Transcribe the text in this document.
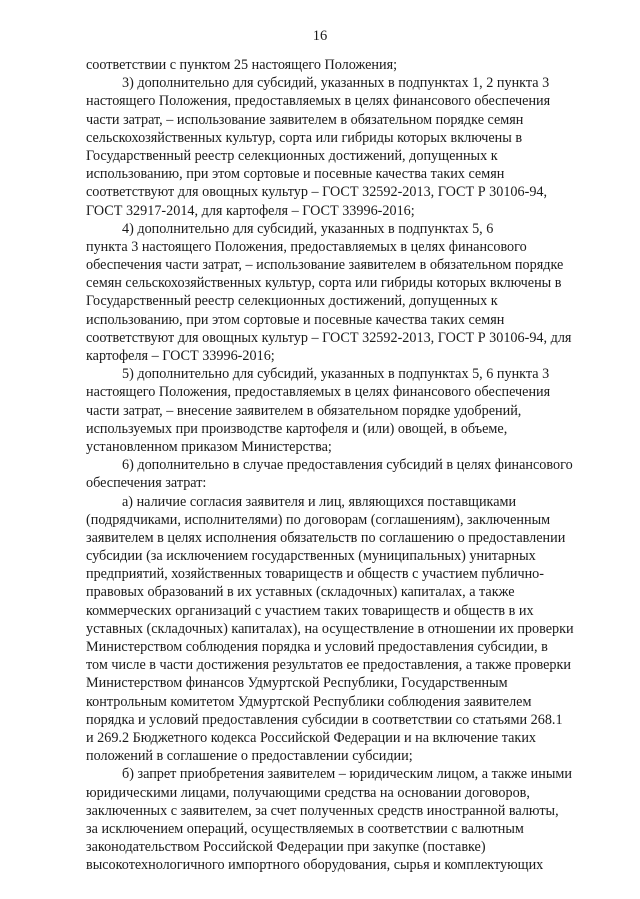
16
соответствии с пунктом 25 настоящего Положения;
3) дополнительно для субсидий, указанных в подпунктах 1, 2 пункта 3
настоящего Положения, предоставляемых в целях финансового обеспечения
части затрат, – использование заявителем в обязательном порядке семян
сельскохозяйственных культур, сорта или гибриды которых включены в
Государственный реестр селекционных достижений, допущенных к
использованию, при этом сортовые и посевные качества таких семян
соответствуют для овощных культур – ГОСТ 32592-2013, ГОСТ Р 30106-94,
ГОСТ 32917-2014, для картофеля – ГОСТ 33996-2016;
4) дополнительно для субсидий, указанных в подпунктах 5, 6
пункта 3 настоящего Положения, предоставляемых в целях финансового
обеспечения части затрат, – использование заявителем в обязательном порядке
семян сельскохозяйственных культур, сорта или гибриды которых включены в
Государственный реестр селекционных достижений, допущенных к
использованию, при этом сортовые и посевные качества таких семян
соответствуют для овощных культур – ГОСТ 32592-2013, ГОСТ Р 30106-94, для
картофеля – ГОСТ 33996-2016;
5) дополнительно для субсидий, указанных в подпунктах 5, 6 пункта 3
настоящего Положения, предоставляемых в целях финансового обеспечения
части затрат, – внесение заявителем в обязательном порядке удобрений,
используемых при производстве картофеля и (или) овощей, в объеме,
установленном приказом Министерства;
6) дополнительно в случае предоставления субсидий в целях финансового
обеспечения затрат:
а) наличие согласия заявителя и лиц, являющихся поставщиками
(подрядчиками, исполнителями) по договорам (соглашениям), заключенным
заявителем в целях исполнения обязательств по соглашению о предоставлении
субсидии (за исключением государственных (муниципальных) унитарных
предприятий, хозяйственных товариществ и обществ с участием публично-
правовых образований в их уставных (складочных) капиталах, а также
коммерческих организаций с участием таких товариществ и обществ в их
уставных (складочных) капиталах), на осуществление в отношении их проверки
Министерством соблюдения порядка и условий предоставления субсидии, в
том числе в части достижения результатов ее предоставления, а также проверки
Министерством финансов Удмуртской Республики, Государственным
контрольным комитетом Удмуртской Республики соблюдения заявителем
порядка и условий предоставления субсидии в соответствии со статьями 268.1
и 269.2 Бюджетного кодекса Российской Федерации и на включение таких
положений в соглашение о предоставлении субсидии;
б) запрет приобретения заявителем – юридическим лицом, а также иными
юридическими лицами, получающими средства на основании договоров,
заключенных с заявителем, за счет полученных средств иностранной валюты,
за исключением операций, осуществляемых в соответствии с валютным
законодательством Российской Федерации при закупке (поставке)
высокотехнологичного импортного оборудования, сырья и комплектующих
